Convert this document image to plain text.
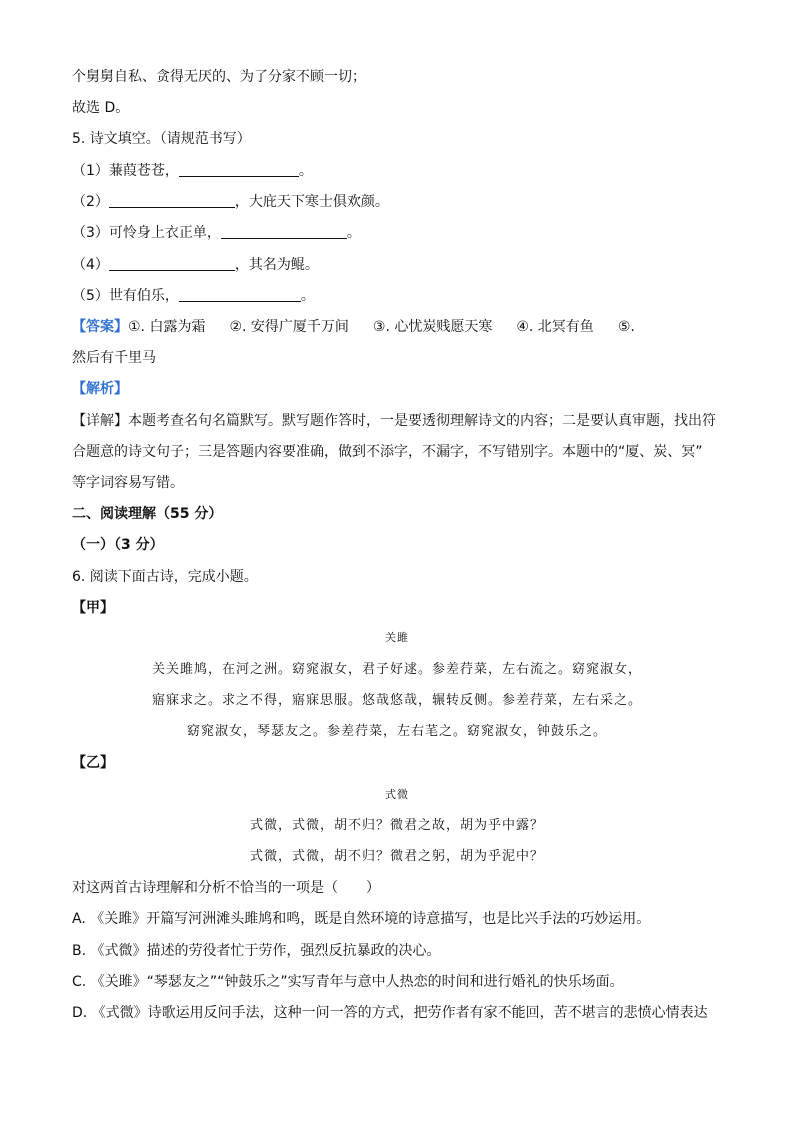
个舅舅自私、贪得无厌的、为了分家不顾一切；
故选 D。
5. 诗文填空。（请规范书写）
（1）蒹葭苍苍，	。
（2）	，大庇天下寒士俱欢颜。
（3）可怜身上衣正单，	。
（4）	，其名为鲲。
（5）世有伯乐，	。
【答案】①. 白露为霜 ②. 安得广厦千万间 ③. 心忧炭贱愿天寒 ④. 北冥有鱼 ⑤.
然后有千里马
【解析】
【详解】本题考查名句名篇默写。默写题作答时，一是要透彻理解诗文的内容；二是要认真审题，找出符
合题意的诗文句子；三是答题内容要准确，做到不添字，不漏字，不写错别字。本题中的“厦、炭、冥”
等字词容易写错。
二、阅读理解（55 分）
（一）（3 分）
6. 阅读下面古诗，完成小题。
【甲】
关雎
关关雎鸠，在河之洲。窈窕淑女，君子好逑。参差荇菜，左右流之。窈窕淑女，
寤寐求之。求之不得，寤寐思服。悠哉悠哉，辗转反侧。参差荇菜，左右采之。
窈窕淑女，琴瑟友之。参差荇菜，左右芼之。窈窕淑女，钟鼓乐之。
【乙】
式微
式微，式微，胡不归？微君之故，胡为乎中露？
式微，式微，胡不归？微君之躬，胡为乎泥中？
对这两首古诗理解和分析不恰当的一项是（　　）
A. 《关雎》开篇写河洲滩头雎鸠和鸣，既是自然环境的诗意描写，也是比兴手法的巧妙运用。
B. 《式微》描述的劳役者忙于劳作，强烈反抗暴政的决心。
C. 《关雎》“琴瑟友之”“钟鼓乐之”实写青年与意中人热恋的时间和进行婚礼的快乐场面。
D. 《式微》诗歌运用反问手法，这种一问一答的方式，把劳作者有家不能回，苦不堪言的悲愤心情表达
